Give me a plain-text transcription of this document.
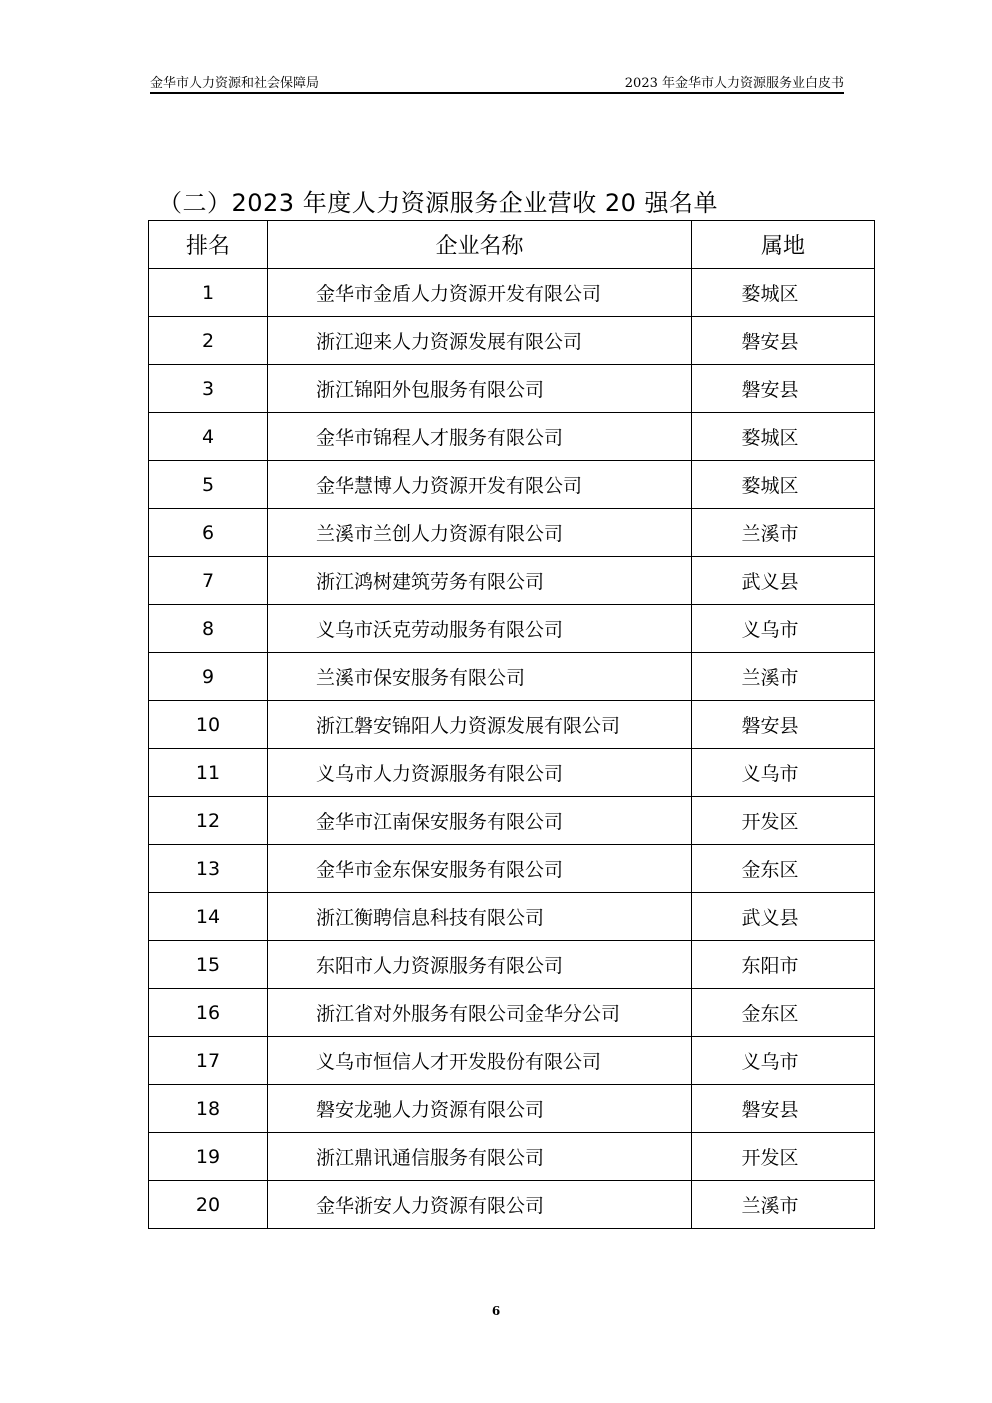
金华市人力资源和社会保障局	2023 年金华市人力资源服务业白皮书
（二）2023 年度人力资源服务企业营收 20 强名单
排名	企业名称	属地
1	金华市金盾人力资源开发有限公司	婺城区
2	浙江迎来人力资源发展有限公司	磐安县
3	浙江锦阳外包服务有限公司	磐安县
4	金华市锦程人才服务有限公司	婺城区
5	金华慧博人力资源开发有限公司	婺城区
6	兰溪市兰创人力资源有限公司	兰溪市
7	浙江鸿树建筑劳务有限公司	武义县
8	义乌市沃克劳动服务有限公司	义乌市
9	兰溪市保安服务有限公司	兰溪市
10	浙江磐安锦阳人力资源发展有限公司	磐安县
11	义乌市人力资源服务有限公司	义乌市
12	金华市江南保安服务有限公司	开发区
13	金华市金东保安服务有限公司	金东区
14	浙江衡聘信息科技有限公司	武义县
15	东阳市人力资源服务有限公司	东阳市
16	浙江省对外服务有限公司金华分公司	金东区
17	义乌市恒信人才开发股份有限公司	义乌市
18	磐安龙驰人力资源有限公司	磐安县
19	浙江鼎讯通信服务有限公司	开发区
20	金华浙安人力资源有限公司	兰溪市
6
